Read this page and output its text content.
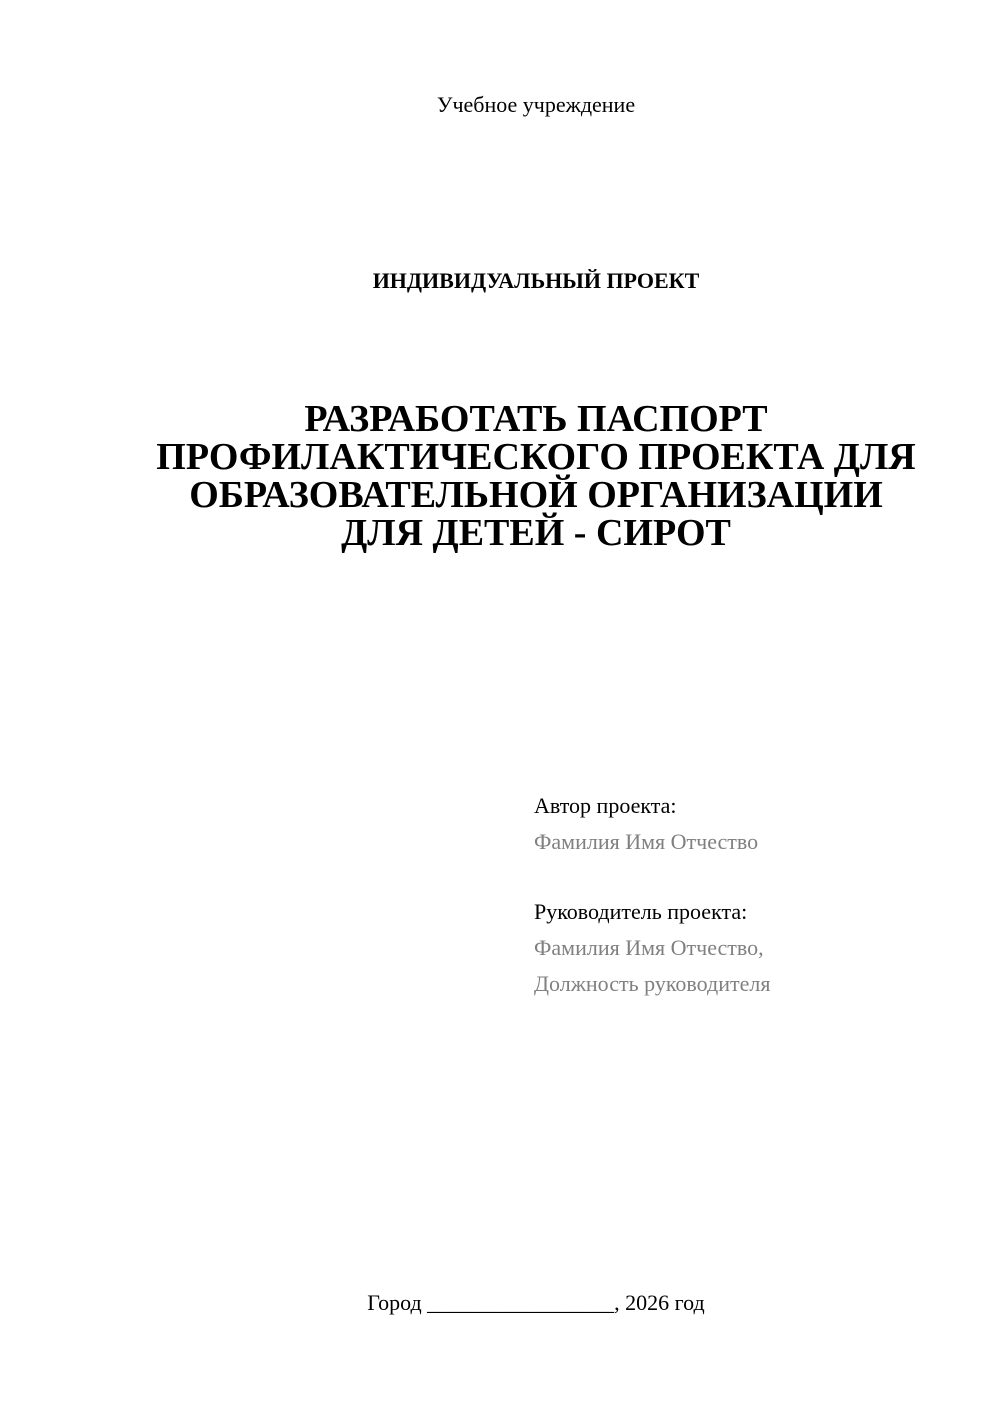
Учебное учреждение
ИНДИВИДУАЛЬНЫЙ ПРОЕКТ
РАЗРАБОТАТЬ ПАСПОРТ
ПРОФИЛАКТИЧЕСКОГО ПРОЕКТА ДЛЯ
ОБРАЗОВАТЕЛЬНОЙ ОРГАНИЗАЦИИ
ДЛЯ ДЕТЕЙ - СИРОТ
Автор проекта:
Фамилия Имя Отчество
Руководитель проекта:
Фамилия Имя Отчество,
Должность руководителя
Город _________________, 2026 год
